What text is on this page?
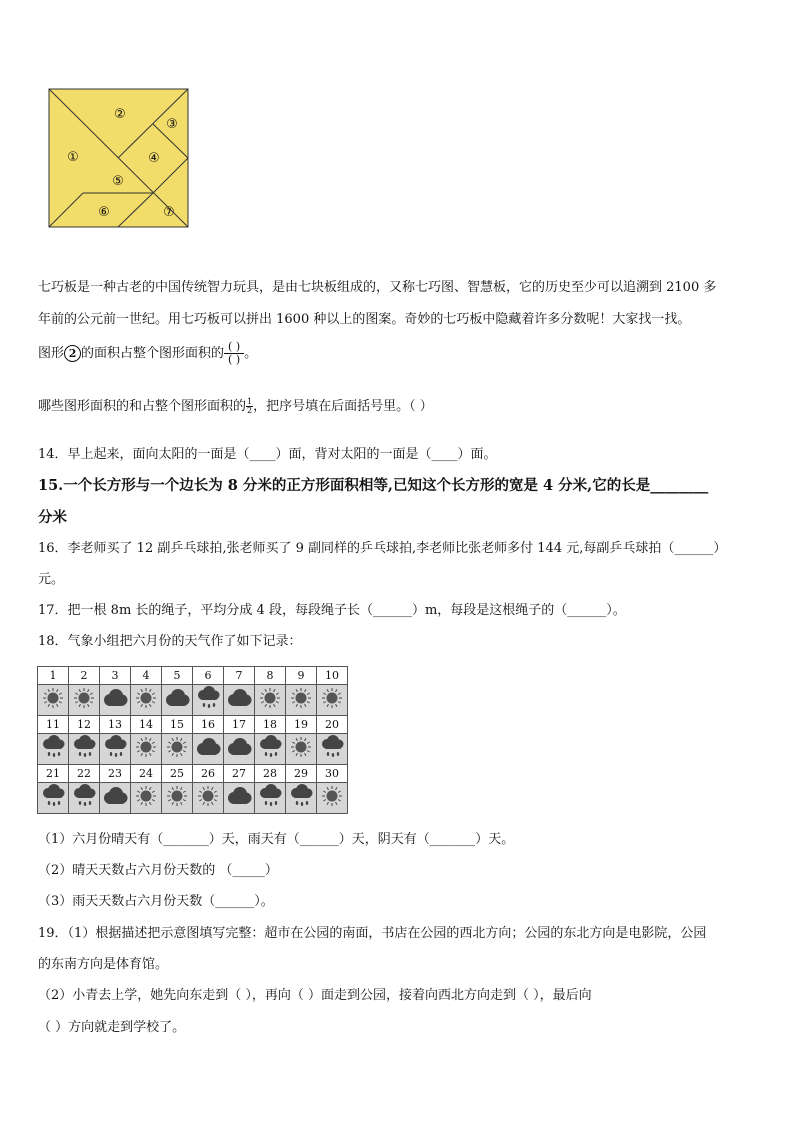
①
②
③
④
⑤
⑥	⑦
七巧板是一种古老的中国传统智力玩具，是由七块板组成的，又称七巧图、智慧板，它的历史至少可以追溯到 2100 多
年前的公元前一世纪。用七巧板可以拼出 1600 种以上的图案。奇妙的七巧板中隐藏着许多分数呢！大家找一找。
图形 2 的面积占整个图形面积的 $\frac{( )}{( )}$ 。
哪些图形面积的和占整个图形面积的 $\frac{1}{2}$ ，把序号填在后面括号里。（ ）
14．早上起来，面向太阳的一面是（____）面，背对太阳的一面是（____）面。
15.一个长方形与一个边长为 8 分米的正方形面积相等,已知这个长方形的宽是 4 分米,它的长是________
分米
16．李老师买了 12 副乒乓球拍,张老师买了 9 副同样的乒乓球拍,李老师比张老师多付 144 元,每副乒乓球拍（______）
元。
17．把一根 8m 长的绳子，平均分成 4 段，每段绳子长（______）m，每段是这根绳子的（______）。
18．气象小组把六月份的天气作了如下记录：
1	2	3	4	5	6	7	8	9	10

11	12	13	14	15	16	17	18	19	20

21	22	23	24	25	26	27	28	29	30

（1）六月份晴天有（_______）天，雨天有（______）天，阴天有（_______）天。
（2）晴天天数占六月份天数的 （_____）
（3）雨天天数占六月份天数（______）。
19．（1）根据描述把示意图填写完整：超市在公园的南面，书店在公园的西北方向；公园的东北方向是电影院，公园
的东南方向是体育馆。
（2）小青去上学，她先向东走到（ ），再向（ ）面走到公园，接着向西北方向走到（ ），最后向
（ ）方向就走到学校了。
